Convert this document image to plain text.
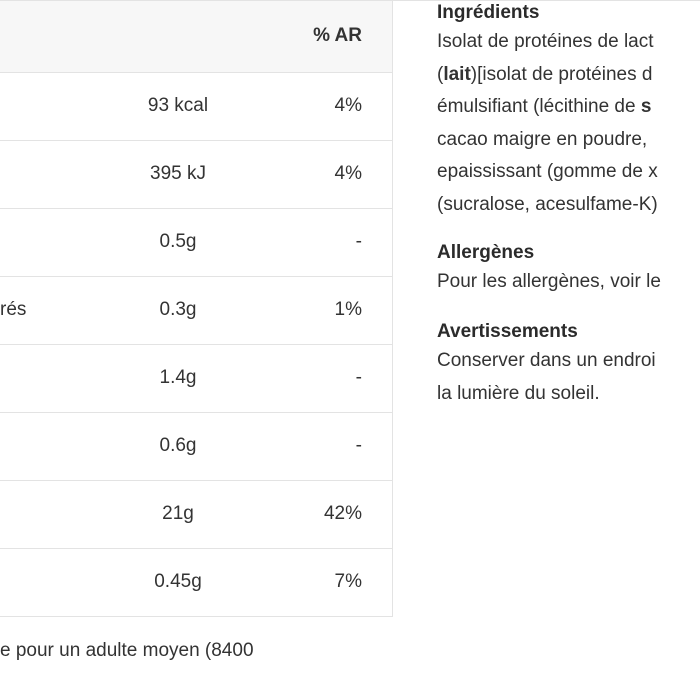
% AR
93 kcal	4%
395 kJ	4%
0.5g	-
rés	0.3g	1%
1.4g	-
0.6g	-
21g	42%
0.45g	7%
e pour un adulte moyen (8400
Ingrédients
Isolat de protéines de lact
(lait)[isolat de protéines d
émulsifiant (lécithine de s
cacao maigre en poudre,
epaississant (gomme de x
(sucralose, acesulfame-K)
Allergènes
Pour les allergènes, voir le
Avertissements
Conserver dans un endroi
la lumière du soleil.
